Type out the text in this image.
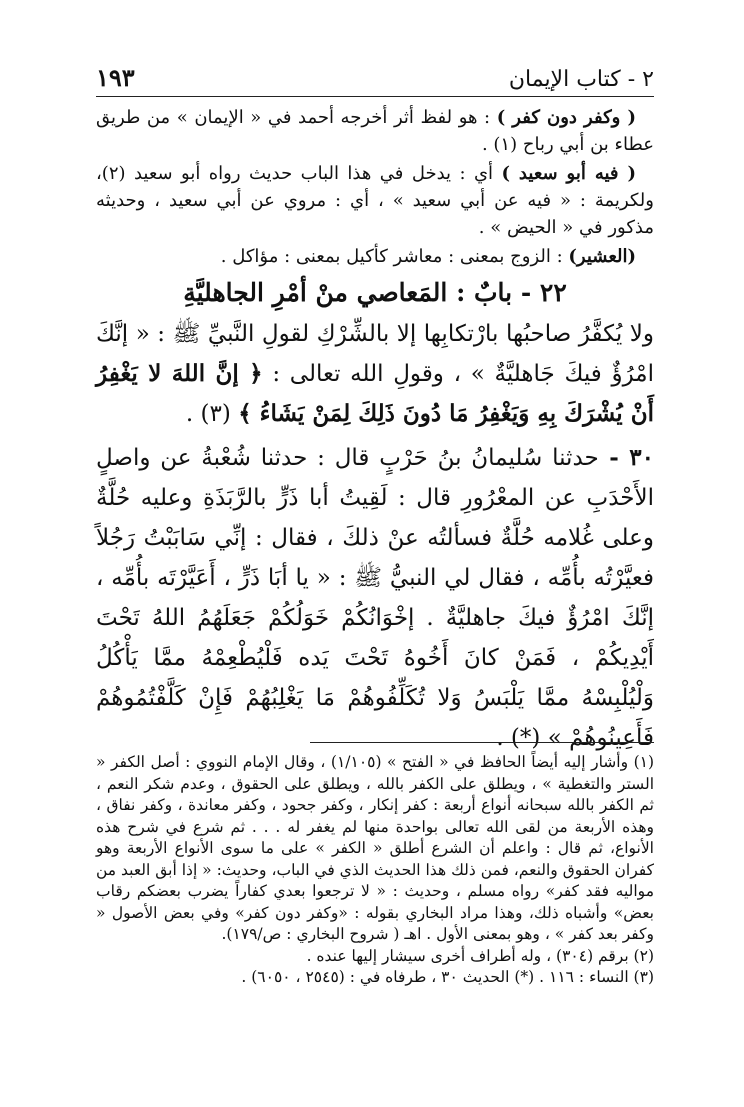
٢ - كتاب الإيمان
١٩٣

( وكفر دون كفر ) : هو لفظ أثر أخرجه أحمد في « الإيمان » من طريق عطاء بن أبي رباح (١) .

( فيه أبو سعيد ) أي : يدخل في هذا الباب حديث رواه أبو سعيد (٢)، ولكريمة : « فيه عن أبي سعيد » ، أي : مروي عن أبي سعيد ، وحديثه مذكور في « الحيض » .

(العشير) : الزوج بمعنى : معاشر كأكيل بمعنى : مؤاكل .

٢٢ - بابٌ : المَعاصي منْ أمْرِ الجاهليَّةِ

ولا يُكفَّرُ صاحبُها بارْتكابِها إلا بالشِّرْكِ لقولِ النَّبيِّ ﷺ : « إنَّكَ امْرُؤٌ فيكَ جَاهليَّةٌ » ، وقولِ الله تعالى : ﴿ إنَّ اللهَ لا يَغْفِرُ أَنْ يُشْرَكَ بِهِ وَيَغْفِرُ مَا دُونَ ذَلِكَ لِمَنْ يَشَاءُ ﴾ (٣) .

٣٠ - حدثنا سُليمانُ بنُ حَرْبٍ قال : حدثنا شُعْبةُ عن واصلٍ الأَحْدَبِ عن المعْرُورِ قال : لَقِيتُ أبا ذَرٍّ بالرَّبَذَةِ وعليه حُلَّةٌ وعلى غُلامه حُلَّةٌ فسألتُه عنْ ذلكَ ، فقال : إنِّي سَابَبْتُ رَجُلاً فعيَّرْتُه بأُمِّه ، فقال لي النبيُّ ﷺ : « يا أبَا ذَرٍّ ، أَعَيَّرْتَه بأُمِّه ، إنَّكَ امْرُؤٌ فيكَ جاهليَّةٌ . إخْوَانُكُمْ خَوَلُكُمْ جَعَلَهُمُ اللهُ تَحْتَ أَيْدِيكُمْ ، فَمَنْ كانَ أَخُوهُ تَحْتَ يَده فَلْيُطْعِمْهُ ممَّا يَأْكُلُ وَلْيُلْبِسْهُ ممَّا يَلْبَسُ وَلا تُكَلِّفُوهُمْ مَا يَغْلِبُهُمْ فَإِنْ كَلَّفْتُمُوهُمْ فَأَعِينُوهُمْ » (*) .

(١) وأشار إليه أيضاً الحافظ في « الفتح » (١/١٠٥) ، وقال الإمام النووي : أصل الكفر « الستر والتغطية » ، ويطلق على الكفر بالله ، ويطلق على الحقوق ، وعدم شكر النعم ، ثم الكفر بالله سبحانه أنواع أربعة : كفر إنكار ، وكفر جحود ، وكفر معاندة ، وكفر نفاق ، وهذه الأربعة من لقى الله تعالى بواحدة منها لم يغفر له . . . ثم شرع في شرح هذه الأنواع، ثم قال : واعلم أن الشرع أطلق « الكفر » على ما سوى الأنواع الأربعة وهو كفران الحقوق والنعم، فمن ذلك هذا الحديث الذي في الباب، وحديث: « إذا أبق العبد من مواليه فقد كفر» رواه مسلم ، وحديث : « لا ترجعوا بعدي كفاراً يضرب بعضكم رقاب بعض» وأشباه ذلك، وهذا مراد البخاري بقوله : «وكفر دون كفر» وفي بعض الأصول « وكفر بعد كفر » ، وهو بمعنى الأول . اهـ ( شروح البخاري : ص/١٧٩).

(٢) برقم (٣٠٤) ، وله أطراف أخرى سيشار إليها عنده .

(٣) النساء : ١١٦ . (*) الحديث ٣٠ ، طرفاه في : (٢٥٤٥ ، ٦٠٥٠) .
